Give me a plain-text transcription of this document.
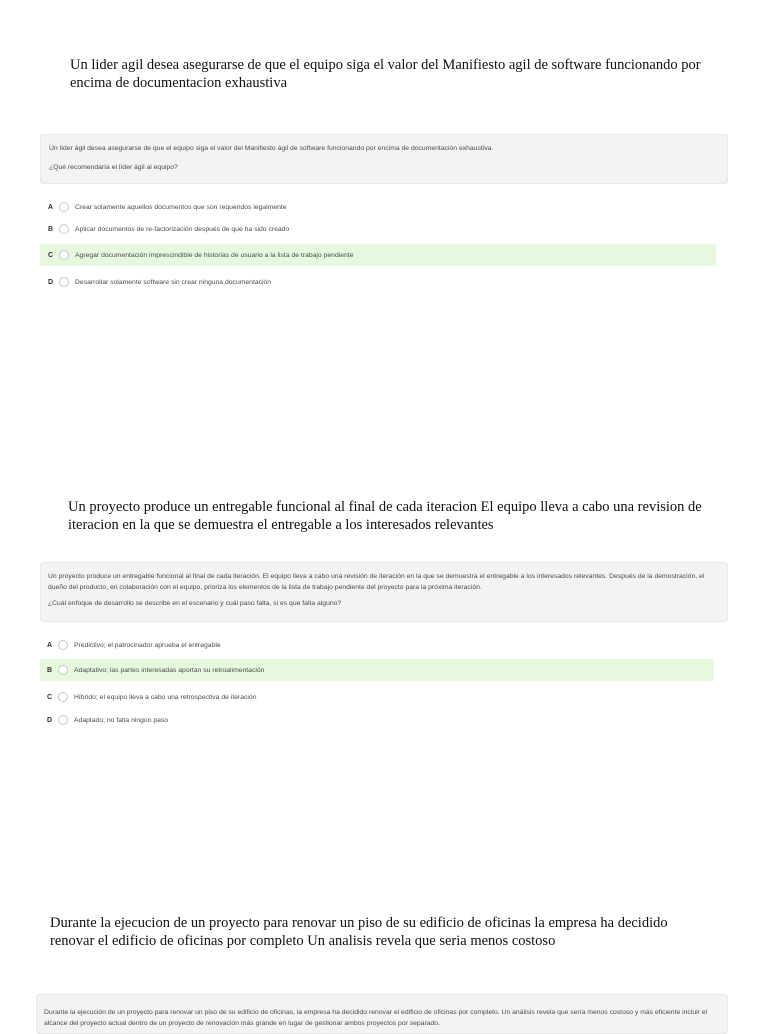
Un lider agil desea asegurarse de que el equipo siga el valor del Manifiesto agil de software funcionando por encima de documentacion exhaustiva

Un líder ágil desea asegurarse de que el equipo siga el valor del Manifiesto ágil de software funcionando por encima de documentación exhaustiva.

¿Qué recomendaría el líder ágil al equipo?

A	Crear solamente aquellos documentos que son requeridos legalmente
B	Aplicar documentos de re-factorización después de que ha sido creado
C	Agregar documentación imprescindible de historias de usuario a la lista de trabajo pendiente
D	Desarrollar solamente software sin crear ninguna documentación
Un proyecto produce un entregable funcional al final de cada iteracion El equipo lleva a cabo una revision de iteracion en la que se demuestra el entregable a los interesados relevantes

Un proyecto produce un entregable funcional al final de cada iteración. El equipo lleva a cabo una revisión de iteración en la que se demuestra el entregable a los interesados relevantes. Después de la demostración, el dueño del producto, en colaboración con el equipo, prioriza los elementos de la lista de trabajo pendiente del proyecto para la próxima iteración.

¿Cuál enfoque de desarrollo se describe en el escenario y cuál paso falta, si es que falta alguno?

A	Predictivo; el patrocinador aprueba el entregable
B	Adaptativo; las partes interesadas aportan su retroalimentación
C	Híbrido; el equipo lleva a cabo una retrospectiva de iteración
D	Adaptado; no falta ningún paso
Durante la ejecucion de un proyecto para renovar un piso de su edificio de oficinas la empresa ha decidido renovar el edificio de oficinas por completo Un analisis revela que seria menos costoso

Durante la ejecución de un proyecto para renovar un piso de su edificio de oficinas, la empresa ha decidido renovar el edificio de oficinas por completo. Un análisis revela que sería menos costoso y más eficiente incluir el alcance del proyecto actual dentro de un proyecto de renovación más grande en lugar de gestionar ambos proyectos por separado.
